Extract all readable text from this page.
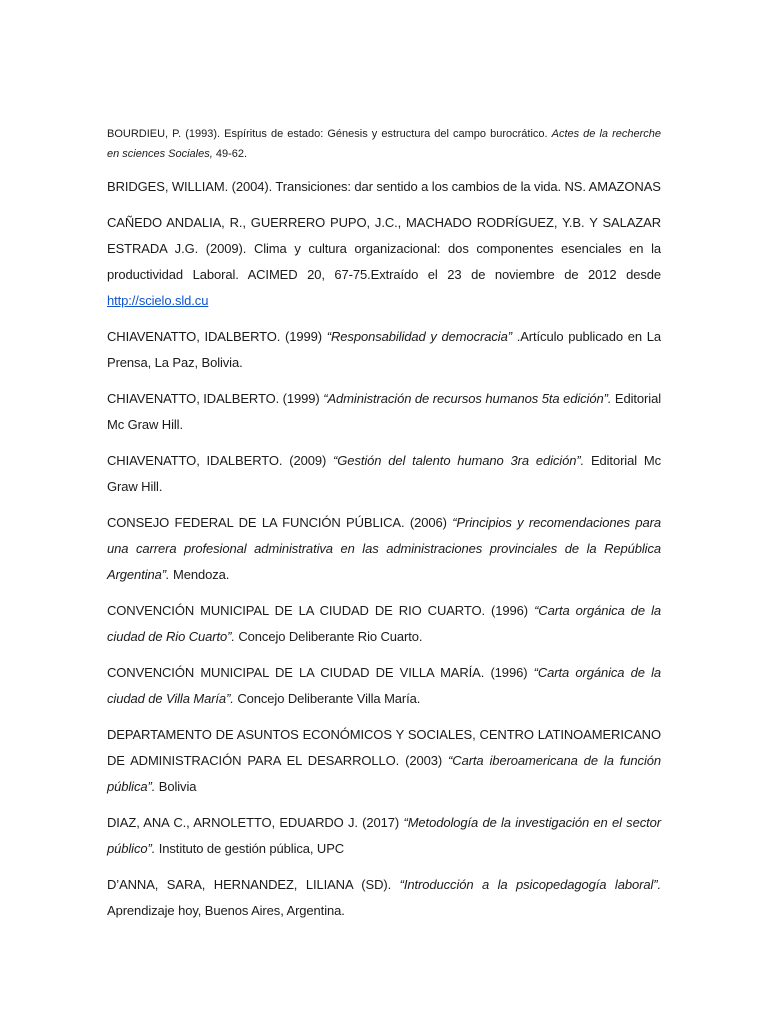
BOURDIEU, P. (1993). Espíritus de estado: Génesis y estructura del campo burocrático. Actes de la recherche en sciences Sociales, 49-62.

BRIDGES, WILLIAM. (2004). Transiciones: dar sentido a los cambios de la vida. NS. AMAZONAS

CAÑEDO ANDALIA, R., GUERRERO PUPO, J.C., MACHADO RODRÍGUEZ, Y.B. Y SALAZAR ESTRADA J.G. (2009). Clima y cultura organizacional: dos componentes esenciales en la productividad Laboral. ACIMED 20, 67-75.Extraído el 23 de noviembre de 2012 desde http://scielo.sld.cu

CHIAVENATTO, IDALBERTO. (1999) “Responsabilidad y democracia” .Artículo publicado en La Prensa, La Paz, Bolivia.

CHIAVENATTO, IDALBERTO. (1999) “Administración de recursos humanos 5ta edición”. Editorial Mc Graw Hill.

CHIAVENATTO, IDALBERTO. (2009) “Gestión del talento humano 3ra edición”. Editorial Mc Graw Hill.

CONSEJO FEDERAL DE LA FUNCIÓN PÚBLICA. (2006) “Principios y recomendaciones para una carrera profesional administrativa en las administraciones provinciales de la República Argentina”. Mendoza.

CONVENCIÓN MUNICIPAL DE LA CIUDAD DE RIO CUARTO. (1996) “Carta orgánica de la ciudad de Rio Cuarto”. Concejo Deliberante Rio Cuarto.

CONVENCIÓN MUNICIPAL DE LA CIUDAD DE VILLA MARÍA. (1996) “Carta orgánica de la ciudad de Villa María”. Concejo Deliberante Villa María.

DEPARTAMENTO DE ASUNTOS ECONÓMICOS Y SOCIALES, CENTRO LATINOAMERICANO DE ADMINISTRACIÓN PARA EL DESARROLLO. (2003) “Carta iberoamericana de la función pública”. Bolivia

DIAZ, ANA C., ARNOLETTO, EDUARDO J. (2017) “Metodología de la investigación en el sector público”. Instituto de gestión pública, UPC

D’ANNA, SARA, HERNANDEZ, LILIANA (SD). “Introducción a la psicopedagogía laboral”. Aprendizaje hoy, Buenos Aires, Argentina.
